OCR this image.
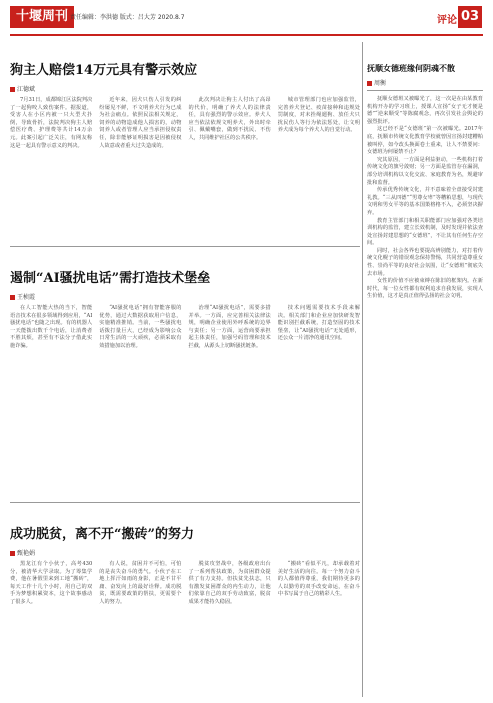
十堰周刊 责任编辑：李洪德 版式：吕大芳 2020.8.7	评论 03
狗主人赔偿14万元具有警示效应
江德斌

7月31日，成都锦江区法院判决了一起狗咬人致伤案件。据报道，受害人在小区内被一只大型犬扑倒，导致骨折，法院判决狗主人赔偿医疗费、护理费等共计14万余元。此案引起广泛关注，有网友称这是一起具有警示意义的判决。

近年来，因犬只伤人引发的纠纷屡见不鲜，不文明养犬行为已成为社会痛点。依照民法相关规定，饲养的动物造成他人损害的，动物饲养人或者管理人应当承担侵权责任，除非能够证明损害是因被侵权人故意或者重大过失造成的。

此次判决让狗主人付出了高昂的代价，明确了养犬人的法律责任，具有强烈的警示效应。养犬人应当依法依规文明养犬，外出时牵引、佩戴嘴套，做到不扰民、不伤人，共同维护社区的公共秩序。

城市管理部门也应加强监管，完善养犬登记、疫苗接种和违规处罚制度，对未拴绳遛狗、放任犬只扰民伤人等行为依法惩处，让文明养犬成为每个养犬人的自觉行动。

遏制“AI骚扰电话”需打造技术堡垒
王桢霞

在人工智能大热的当下，智能语音技术在很多领域得到应用，“AI骚扰电话”也随之出现。有的机器人一天能拨出数千个电话，让消费者不胜其烦，甚至有不法分子借此实施诈骗。

“AI骚扰电话”拥有智能客服的优势，通过大数据获取用户信息，实施精准推销。当前，一些骚扰电话拨打量巨大，已经成为影响公众日常生活的一大顽疾，必须采取有效措施加以治理。

治理“AI骚扰电话”，需要多措并举。一方面，应完善相关法律法规，明确企业使用外呼系统的边界与责任；另一方面，运营商要承担起主体责任，加强号码管理和技术拦截，从源头上切断骚扰链条。

技术问题需要技术手段来解决。相关部门和企业应加快研发智能识别拦截系统，打造坚固的技术堡垒，让“AI骚扰电话”无处遁形，还公众一片清净的通讯空间。

成功脱贫，离不开“搬砖”的努力
甄艳娟

黑龙江有个小伙子，高考430分，被清华大学录取。为了筹集学费，他在暑假里来到工地“搬砖”，每天工作十几个小时，用自己的双手为梦想积累资本，这个故事感动了很多人。

有人说，贫困并不可怕，可怕的是丧失奋斗的勇气。小伙子在工地上挥汗如雨的身影，正是不甘平庸、奋发向上的最好诠释。成功脱贫，既需要政策的帮扶，更需要个人的努力。

脱贫攻坚战中，各级政府出台了一系列帮扶政策，为贫困群众提供了有力支持。但扶贫先扶志，只有激发贫困群众的内生动力，让他们依靠自己的双手劳动致富，脱贫成果才能持久稳固。

“搬砖”看似平凡，却承载着对美好生活的向往。每一个努力奋斗的人都值得尊重，我们期待更多的人以勤劳的双手改变命运，在奋斗中书写属于自己的精彩人生。

抚顺女德班缘何阴魂不散
周衡

抚顺女德班又被曝光了，这一次是在由某教育机构开办的学习班上，授课人宣扬“女子无才便是德”“逆来顺受”等陈腐观念，再次引发社会舆论的强烈批评。

这已经不是“女德班”第一次被曝光。2017年底，抚顺市传统文化教育学校就曾因宣扬封建糟粕被叫停，如今改头换面卷土重来，让人不禁要问：女德班为何屡禁不止？

究其原因，一方面是利益驱动，一些机构打着传统文化的旗号敛财；另一方面是监管存在漏洞，部分培训机构以文化交流、家庭教育为名，规避审批和监督。

传承优秀传统文化，并不意味着全盘接受封建礼教。“三从四德”“男尊女卑”等糟粕思想，与现代文明和男女平等的基本国策格格不入，必须坚决摒弃。

教育主管部门和相关职能部门应加强对各类培训机构的监管，建立长效机制，及时发现并依法查处宣扬封建思想的“女德班”，不让其有任何生存空间。

同时，社会各界也要提高辨别能力，对打着传统文化幌子的错误观念保持警惕，共同营造尊重女性、崇尚平等的良好社会氛围，让“女德班”彻底失去市场。

女性的价值不应被束缚在陈旧的框架内。在新时代，每一位女性都有权利追求自我发展，实现人生价值，这才是真正值得弘扬的社会文明。
